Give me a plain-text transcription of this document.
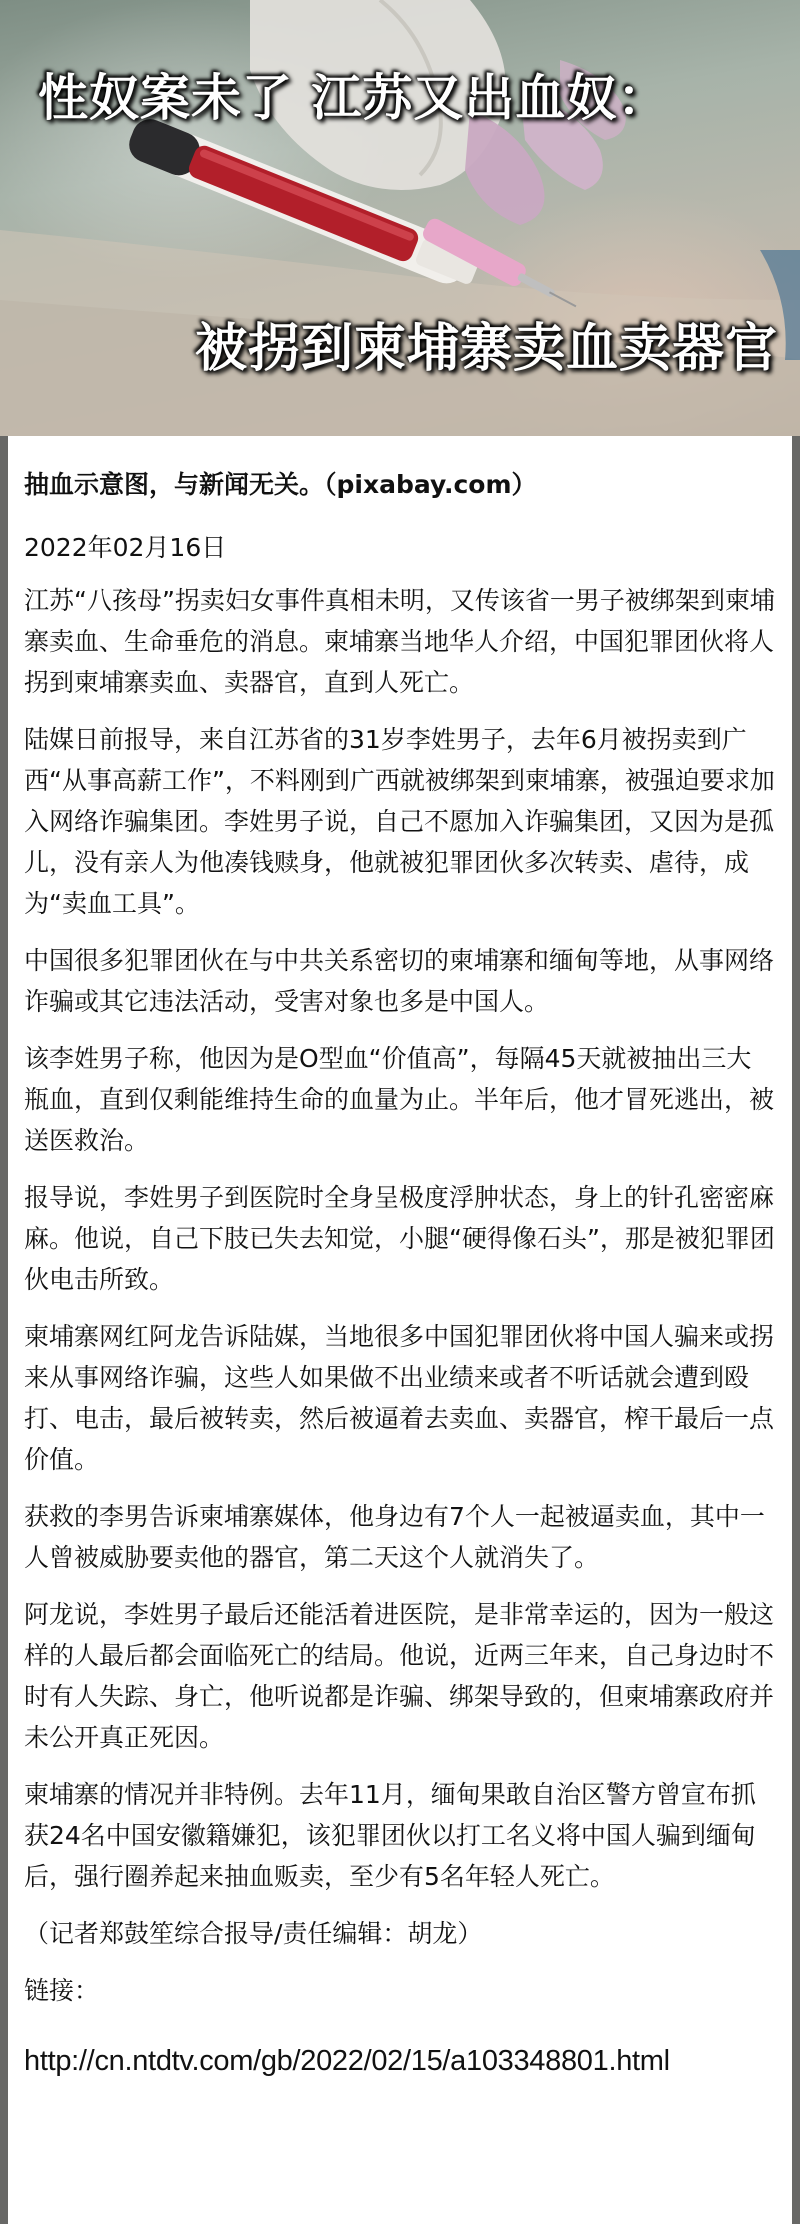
性奴案未了 江苏又出血奴：
被拐到柬埔寨卖血卖器官

抽血示意图，与新闻无关。（pixabay.com）

2022年02月16日

江苏“八孩母”拐卖妇女事件真相未明，又传该省一男子被绑架到柬埔寨卖血、生命垂危的消息。柬埔寨当地华人介绍，中国犯罪团伙将人拐到柬埔寨卖血、卖器官，直到人死亡。

陆媒日前报导，来自江苏省的31岁李姓男子，去年6月被拐卖到广西“从事高薪工作”，不料刚到广西就被绑架到柬埔寨，被强迫要求加入网络诈骗集团。李姓男子说，自己不愿加入诈骗集团，又因为是孤儿，没有亲人为他凑钱赎身，他就被犯罪团伙多次转卖、虐待，成为“卖血工具”。

中国很多犯罪团伙在与中共关系密切的柬埔寨和缅甸等地，从事网络诈骗或其它违法活动，受害对象也多是中国人。

该李姓男子称，他因为是O型血“价值高”，每隔45天就被抽出三大瓶血，直到仅剩能维持生命的血量为止。半年后，他才冒死逃出，被送医救治。

报导说，李姓男子到医院时全身呈极度浮肿状态，身上的针孔密密麻麻。他说，自己下肢已失去知觉，小腿“硬得像石头”，那是被犯罪团伙电击所致。

柬埔寨网红阿龙告诉陆媒，当地很多中国犯罪团伙将中国人骗来或拐来从事网络诈骗，这些人如果做不出业绩来或者不听话就会遭到殴打、电击，最后被转卖，然后被逼着去卖血、卖器官，榨干最后一点价值。

获救的李男告诉柬埔寨媒体，他身边有7个人一起被逼卖血，其中一人曾被威胁要卖他的器官，第二天这个人就消失了。

阿龙说，李姓男子最后还能活着进医院，是非常幸运的，因为一般这样的人最后都会面临死亡的结局。他说，近两三年来，自己身边时不时有人失踪、身亡，他听说都是诈骗、绑架导致的，但柬埔寨政府并未公开真正死因。

柬埔寨的情况并非特例。去年11月，缅甸果敢自治区警方曾宣布抓获24名中国安徽籍嫌犯，该犯罪团伙以打工名义将中国人骗到缅甸后，强行圈养起来抽血贩卖，至少有5名年轻人死亡。

（记者郑鼓笙综合报导/责任编辑：胡龙）

链接：

http://cn.ntdtv.com/gb/2022/02/15/a103348801.html
